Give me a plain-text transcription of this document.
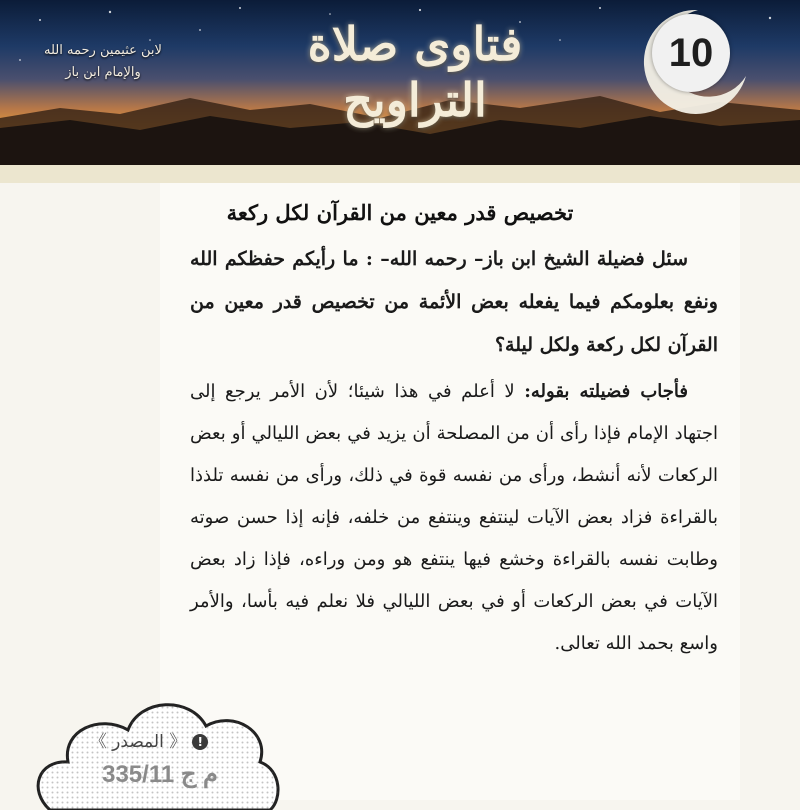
لابن عثيمين رحمه الله
والإمام ابن باز
فتاوى صلاة التراويح
10
تخصيص قدر معين من القرآن لكل ركعة

سئل فضيلة الشيخ ابن باز– رحمه الله– : ما رأيكم حفظكم الله ونفع بعلومكم فيما يفعله بعض الأئمة من تخصيص قدر معين من القرآن لكل ركعة ولكل ليلة؟

فأجاب فضيلته بقوله: لا أعلم في هذا شيئا؛ لأن الأمر يرجع إلى اجتهاد الإمام فإذا رأى أن من المصلحة أن يزيد في بعض الليالي أو بعض الركعات لأنه أنشط، ورأى من نفسه قوة في ذلك، ورأى من نفسه تلذذا بالقراءة فزاد بعض الآيات لينتفع وينتفع من خلفه، فإنه إذا حسن صوته وطابت نفسه بالقراءة وخشع فيها ينتفع هو ومن وراءه، فإذا زاد بعض الآيات في بعض الركعات أو في بعض الليالي فلا نعلم فيه بأسا، والأمر واسع بحمد الله تعالى.

!《 المصدر 》
م ج 335/11
